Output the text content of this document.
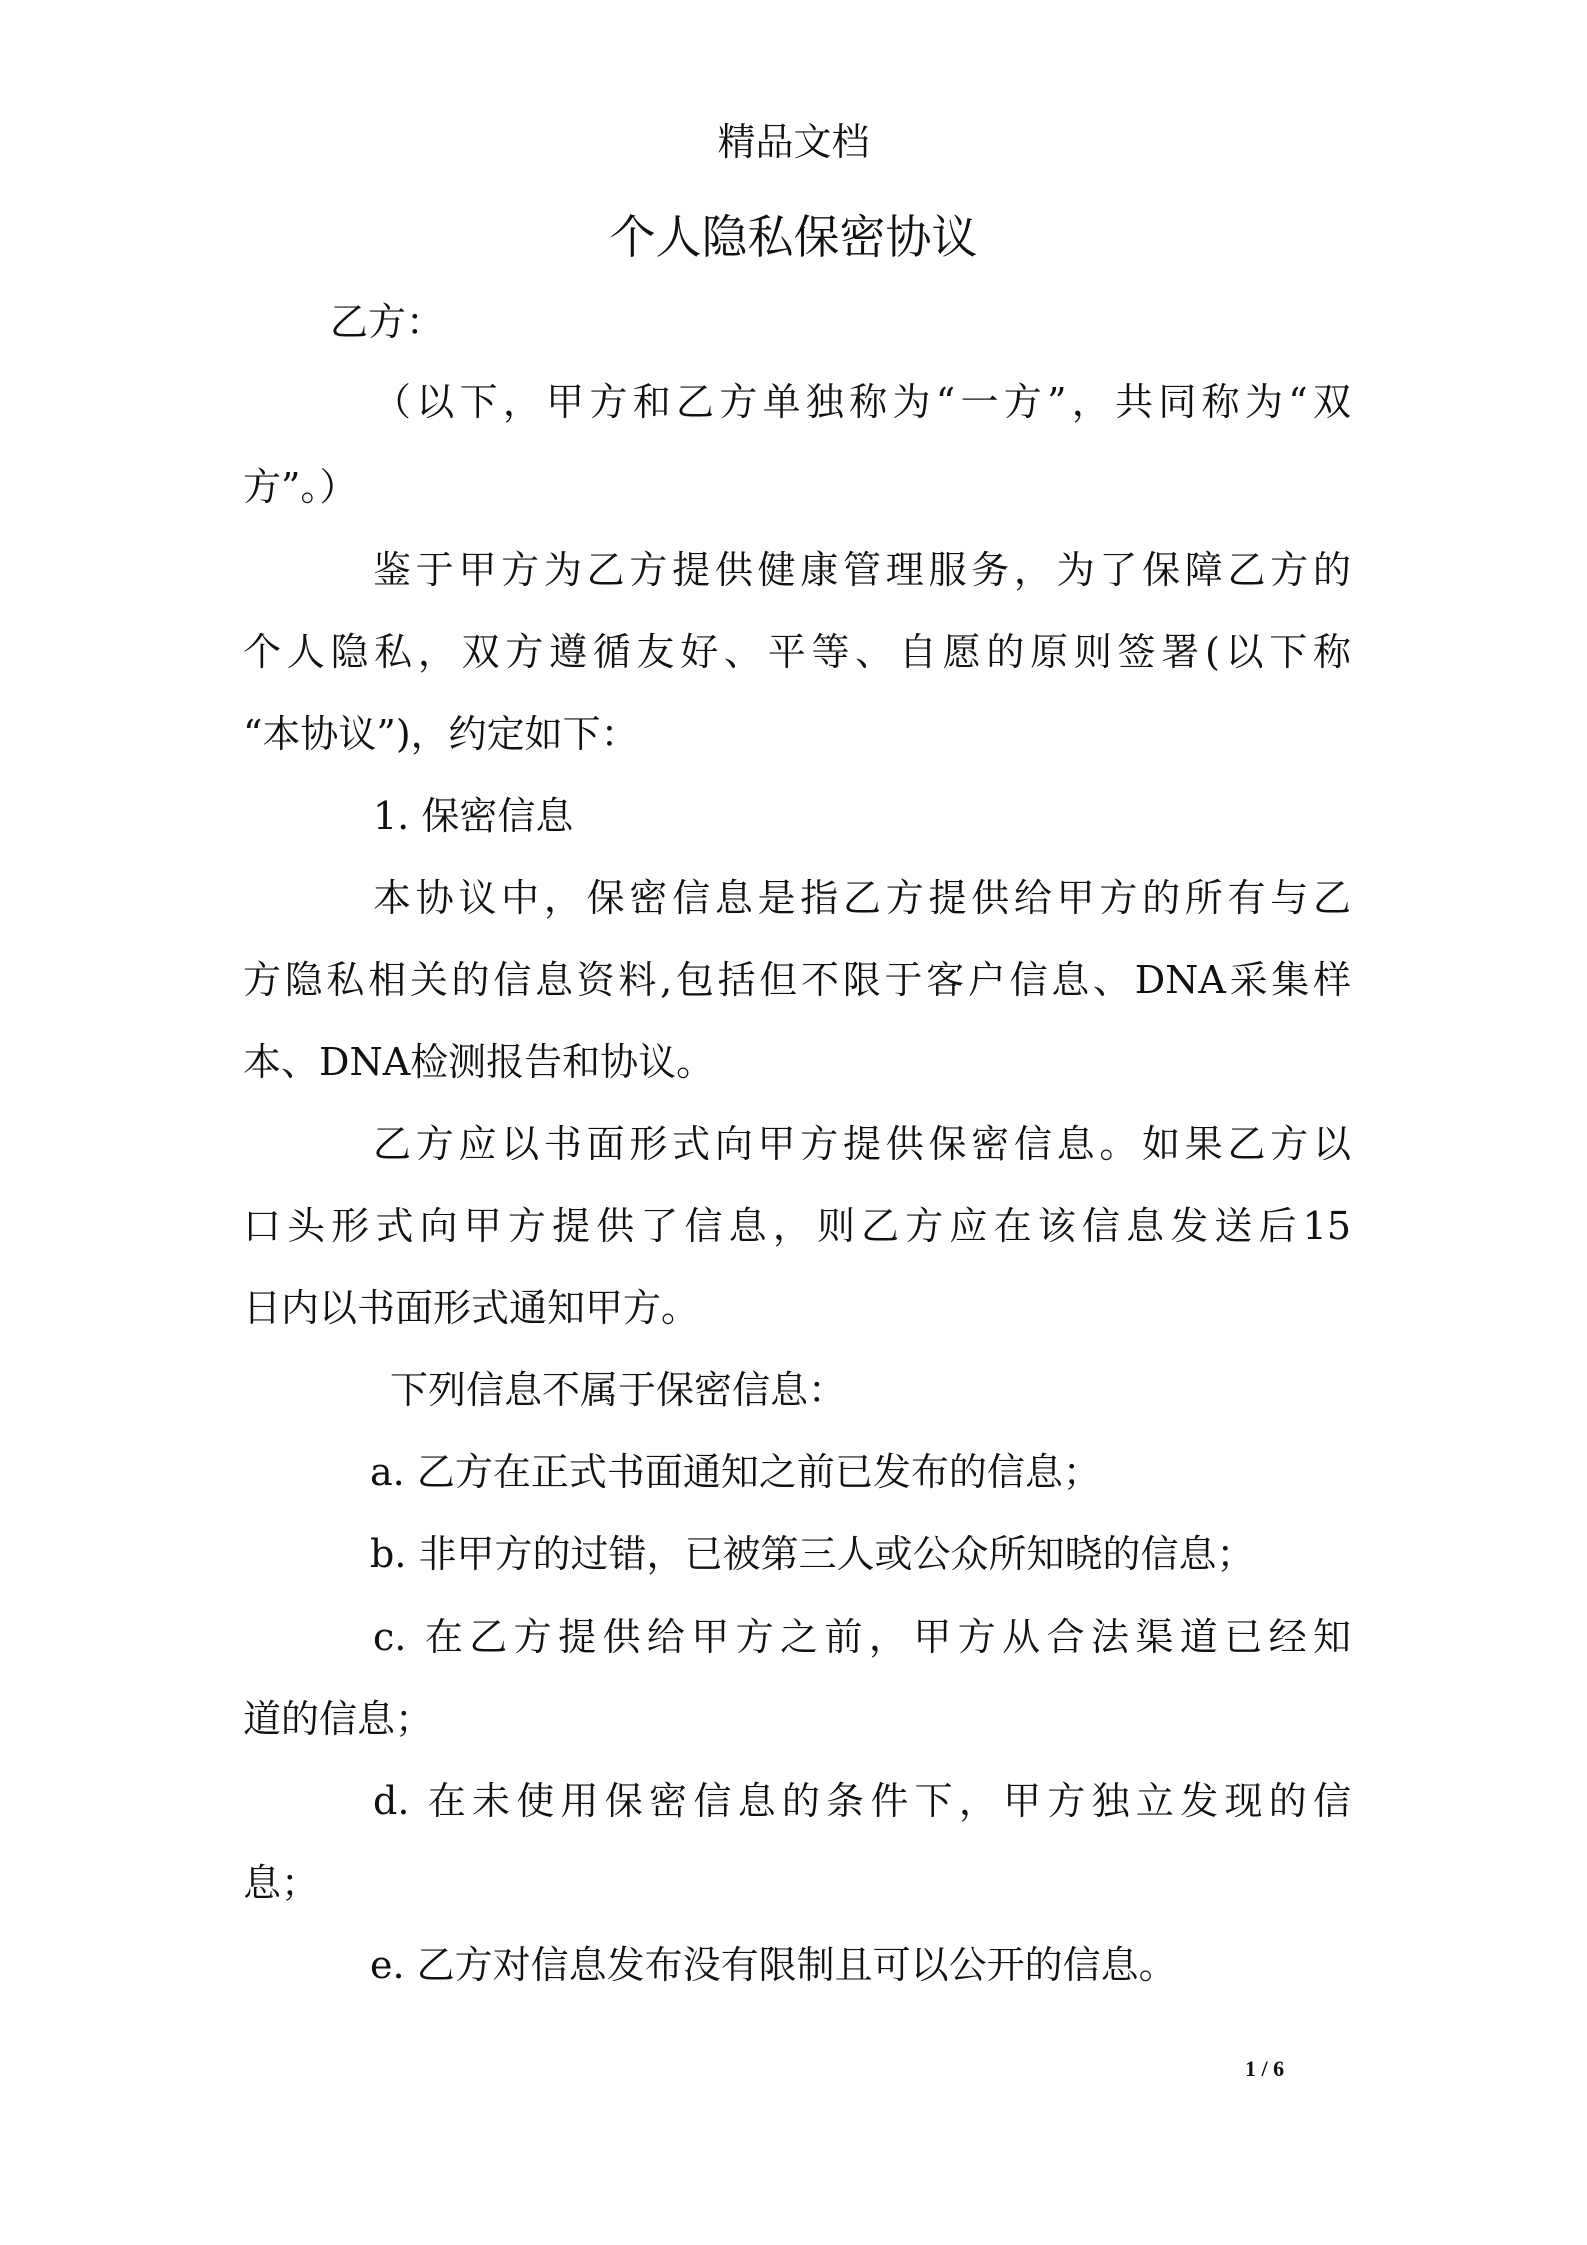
精品文档
个人隐私保密协议
乙方：
（以下，甲方和乙方单独称为“一方”，共同称为“双
方”。）
鉴于甲方为乙方提供健康管理服务，为了保障乙方的
个人隐私，双方遵循友好、平等、自愿的原则签署(以下称
“本协议”)，约定如下：
1. 保密信息
本协议中，保密信息是指乙方提供给甲方的所有与乙
方隐私相关的信息资料,包括但不限于客户信息、DNA采集样
本、DNA检测报告和协议。
乙方应以书面形式向甲方提供保密信息。如果乙方以
口头形式向甲方提供了信息，则乙方应在该信息发送后15
日内以书面形式通知甲方。
下列信息不属于保密信息：
a. 乙方在正式书面通知之前已发布的信息；
b. 非甲方的过错，已被第三人或公众所知晓的信息；
c. 在乙方提供给甲方之前，甲方从合法渠道已经知
道的信息；
d. 在未使用保密信息的条件下，甲方独立发现的信
息；
e. 乙方对信息发布没有限制且可以公开的信息。
1 / 6
